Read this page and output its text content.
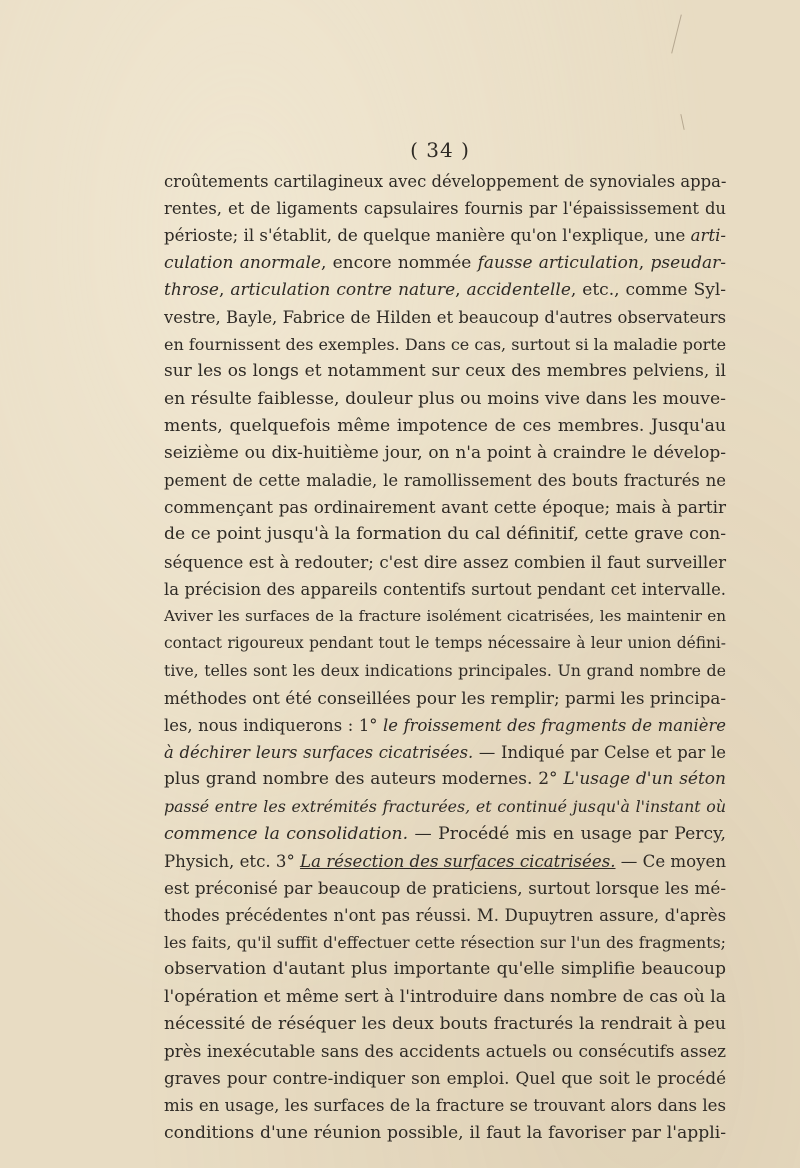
( 34 )
croûtements cartilagineux avec développement de synoviales appa-
rentes, et de ligaments capsulaires fournis par l'épaississement du
périoste; il s'établit, de quelque manière qu'on l'explique, une arti-
culation anormale, encore nommée fausse articulation, pseudar-
throse, articulation contre nature, accidentelle, etc., comme Syl-
vestre, Bayle, Fabrice de Hilden et beaucoup d'autres observateurs
en fournissent des exemples. Dans ce cas, surtout si la maladie porte
sur les os longs et notamment sur ceux des membres pelviens, il
en résulte faiblesse, douleur plus ou moins vive dans les mouve-
ments, quelquefois même impotence de ces membres. Jusqu'au
seizième ou dix-huitième jour, on n'a point à craindre le dévelop-
pement de cette maladie, le ramollissement des bouts fracturés ne
commençant pas ordinairement avant cette époque; mais à partir
de ce point jusqu'à la formation du cal définitif, cette grave con-
séquence est à redouter; c'est dire assez combien il faut surveiller
la précision des appareils contentifs surtout pendant cet intervalle.
Aviver les surfaces de la fracture isolément cicatrisées, les maintenir en
contact rigoureux pendant tout le temps nécessaire à leur union défini-
tive, telles sont les deux indications principales. Un grand nombre de
méthodes ont été conseillées pour les remplir; parmi les principa-
les, nous indiquerons : 1° le froissement des fragments de manière
à déchirer leurs surfaces cicatrisées. — Indiqué par Celse et par le
plus grand nombre des auteurs modernes. 2° L'usage d'un séton
passé entre les extrémités fracturées, et continué jusqu'à l'instant où
commence la consolidation. — Procédé mis en usage par Percy,
Physich, etc. 3° La résection des surfaces cicatrisées. — Ce moyen
est préconisé par beaucoup de praticiens, surtout lorsque les mé-
thodes précédentes n'ont pas réussi. M. Dupuytren assure, d'après
les faits, qu'il suffit d'effectuer cette résection sur l'un des fragments;
observation d'autant plus importante qu'elle simplifie beaucoup
l'opération et même sert à l'introduire dans nombre de cas où la
nécessité de réséquer les deux bouts fracturés la rendrait à peu
près inexécutable sans des accidents actuels ou consécutifs assez
graves pour contre-indiquer son emploi. Quel que soit le procédé
mis en usage, les surfaces de la fracture se trouvant alors dans les
conditions d'une réunion possible, il faut la favoriser par l'appli-
